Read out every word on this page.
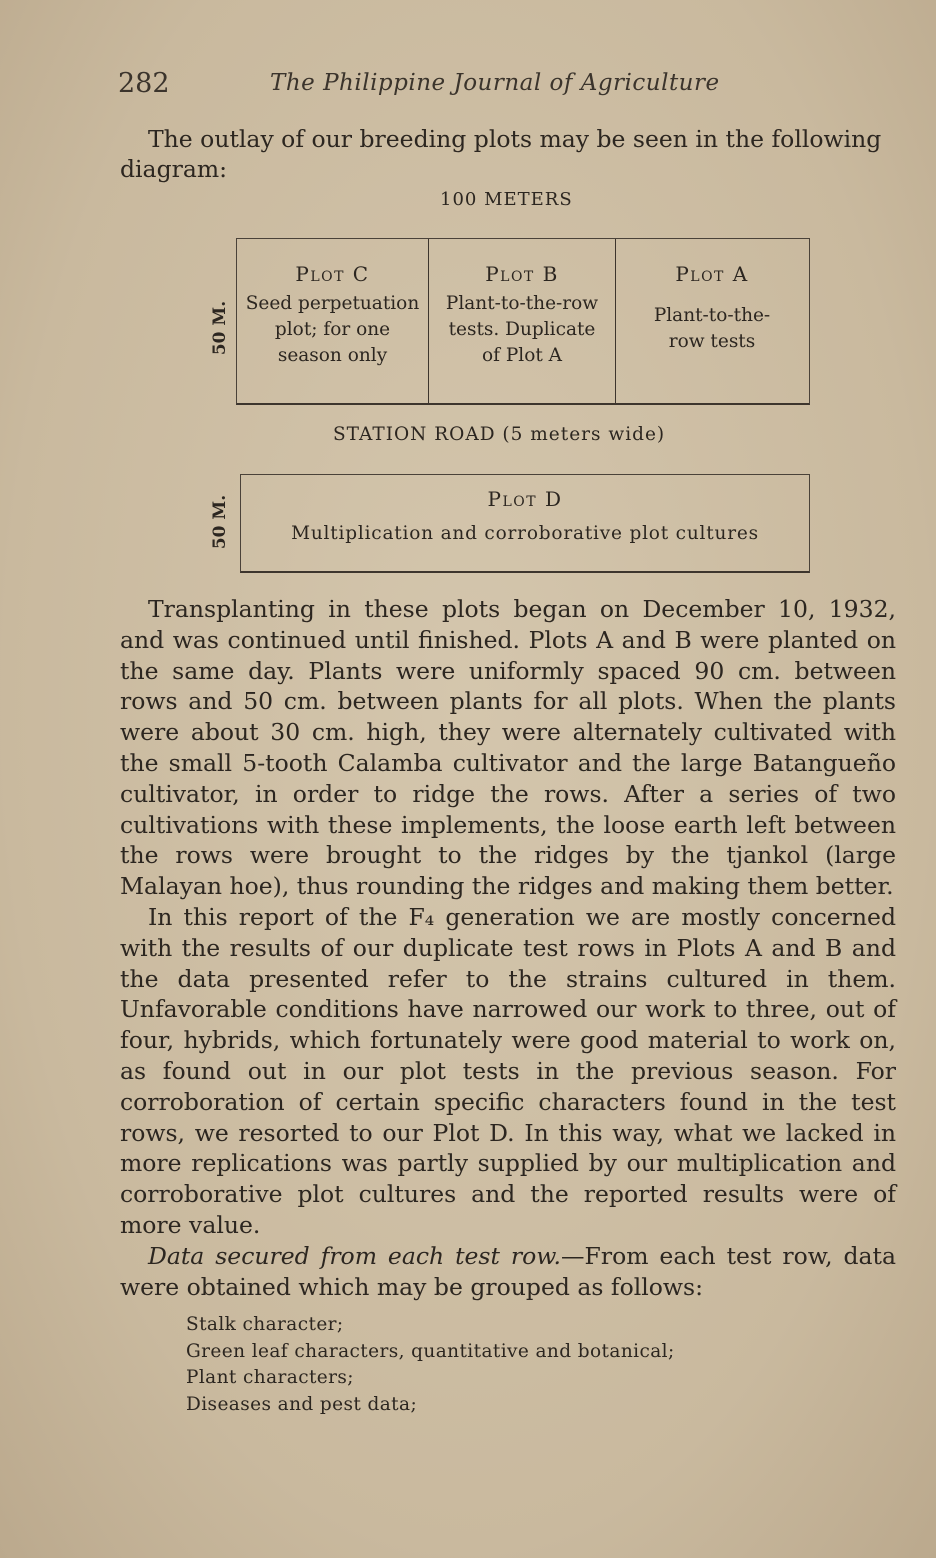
282	The Philippine Journal of Agriculture
The outlay of our breeding plots may be seen in the following
diagram:
100 METERS
50 M.
50 M.
Plot C
Seed perpetuation
plot; for one
season only
Plot B
Plant-to-the-row
tests. Duplicate
of Plot A
Plot A
Plant-to-the-
row tests
STATION ROAD (5 meters wide)
Plot D
Multiplication and corroborative plot cultures

Transplanting in these plots began on December 10, 1932, and was continued until finished. Plots A and B were planted on the same day. Plants were uniformly spaced 90 cm. between rows and 50 cm. between plants for all plots. When the plants were about 30 cm. high, they were alternately cultivated with the small 5-tooth Calamba cultivator and the large Batangueño cultivator, in order to ridge the rows. After a series of two cultivations with these implements, the loose earth left between the rows were brought to the ridges by the tjankol (large Malayan hoe), thus rounding the ridges and making them better.

In this report of the F₄ generation we are mostly concerned with the results of our duplicate test rows in Plots A and B and the data presented refer to the strains cultured in them. Unfavorable conditions have narrowed our work to three, out of four, hybrids, which fortunately were good material to work on, as found out in our plot tests in the previous season. For corroboration of certain specific characters found in the test rows, we resorted to our Plot D. In this way, what we lacked in more replications was partly supplied by our multiplication and corroborative plot cultures and the reported results were of more value.

Data secured from each test row.—From each test row, data were obtained which may be grouped as follows:

Stalk character;
Green leaf characters, quantitative and botanical;
Plant characters;
Diseases and pest data;
